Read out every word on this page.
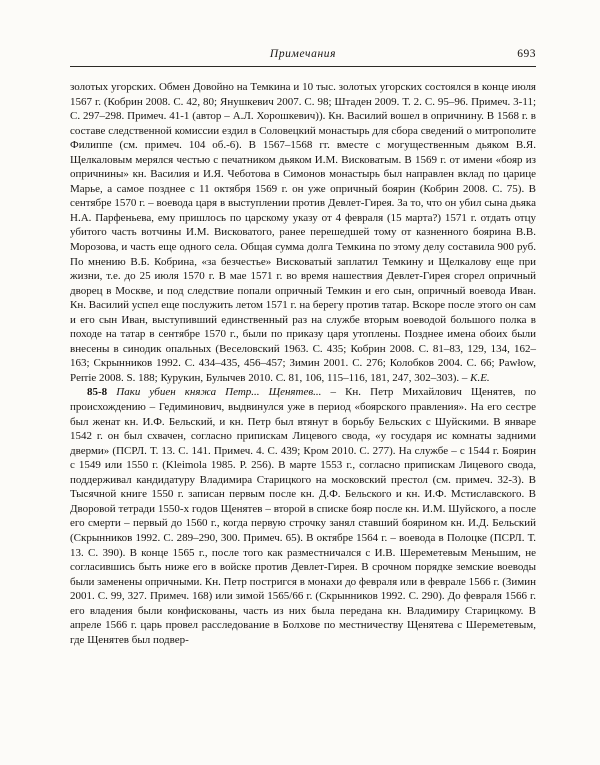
Примечания	693

золотых угорских. Обмен Довойно на Темкина и 10 тыс. золотых угорских состоялся в конце июля 1567 г. (Кобрин 2008. С. 42, 80; Янушкевич 2007. С. 98; Штаден 2009. Т. 2. С. 95–96. Примеч. 3-11; С. 297–298. Примеч. 41-1 (автор – А.Л. Хорошкевич)). Кн. Василий вошел в опричнину. В 1568 г. в составе следственной комиссии ездил в Соловецкий монастырь для сбора сведений о митрополите Филиппе (см. примеч. 104 об.-6). В 1567–1568 гг. вместе с могущественным дьяком В.Я. Щелкаловым мерялся честью с печатником дьяком И.М. Висковатым. В 1569 г. от имени «бояр из опричнины» кн. Василия и И.Я. Чеботова в Симонов монастырь был направлен вклад по царице Марье, а самое позднее с 11 октября 1569 г. он уже опричный боярин (Кобрин 2008. С. 75). В сентябре 1570 г. – воевода царя в выступлении против Девлет-Гирея. За то, что он убил сына дьяка Н.А. Парфеньева, ему пришлось по царскому указу от 4 февраля (15 марта?) 1571 г. отдать отцу убитого часть вотчины И.М. Висковатого, ранее перешедшей тому от казненного боярина В.В. Морозова, и часть еще одного села. Общая сумма долга Темкина по этому делу составила 900 руб. По мнению В.Б. Кобрина, «за безчестье» Висковатый заплатил Темкину и Щелкалову еще при жизни, т.е. до 25 июля 1570 г. В мае 1571 г. во время нашествия Девлет-Гирея сгорел опричный дворец в Москве, и под следствие попали опричный Темкин и его сын, опричный воевода Иван. Кн. Василий успел еще послужить летом 1571 г. на берегу против татар. Вскоре после этого он сам и его сын Иван, выступивший единственный раз на службе вторым воеводой большого полка в походе на татар в сентябре 1570 г., были по приказу царя утоплены. Позднее имена обоих были внесены в синодик опальных (Веселовский 1963. С. 435; Кобрин 2008. С. 81–83, 129, 134, 162–163; Скрынников 1992. С. 434–435, 456–457; Зимин 2001. С. 276; Колобков 2004. С. 66; Pawłow, Perrie 2008. S. 188; Курукин, Булычев 2010. С. 81, 106, 115–116, 181, 247, 302–303). – К.Е.

85-8 Паки убиен княжа Петр... Щенятев... – Кн. Петр Михайлович Щенятев, по происхождению – Гедиминович, выдвинулся уже в период «боярского правления». На его сестре был женат кн. И.Ф. Бельский, и кн. Петр был втянут в борьбу Бельских с Шуйскими. В январе 1542 г. он был схвачен, согласно припискам Лицевого свода, «у государя ис комнаты задними дверми» (ПСРЛ. Т. 13. С. 141. Примеч. 4. С. 439; Кром 2010. С. 277). На службе – с 1544 г. Боярин с 1549 или 1550 г. (Kleimola 1985. Р. 256). В марте 1553 г., согласно припискам Лицевого свода, поддерживал кандидатуру Владимира Старицкого на московский престол (см. примеч. 32-3). В Тысячной книге 1550 г. записан первым после кн. Д.Ф. Бельского и кн. И.Ф. Мстиславского. В Дворовой тетради 1550-х годов Щенятев – второй в списке бояр после кн. И.М. Шуйского, а после его смерти – первый до 1560 г., когда первую строчку занял ставший боярином кн. И.Д. Бельский (Скрынников 1992. С. 289–290, 300. Примеч. 65). В октябре 1564 г. – воевода в Полоцке (ПСРЛ. Т. 13. С. 390). В конце 1565 г., после того как разместничался с И.В. Шереметевым Меньшим, не согласившись быть ниже его в войске против Девлет-Гирея. В срочном порядке земские воеводы были заменены опричными. Кн. Петр постригся в монахи до февраля или в феврале 1566 г. (Зимин 2001. С. 99, 327. Примеч. 168) или зимой 1565/66 г. (Скрынников 1992. С. 290). До февраля 1566 г. его владения были конфискованы, часть из них была передана кн. Владимиру Старицкому. В апреле 1566 г. царь провел расследование в Болхове по местничеству Щенятева с Шереметевым, где Щенятев был подвер-
